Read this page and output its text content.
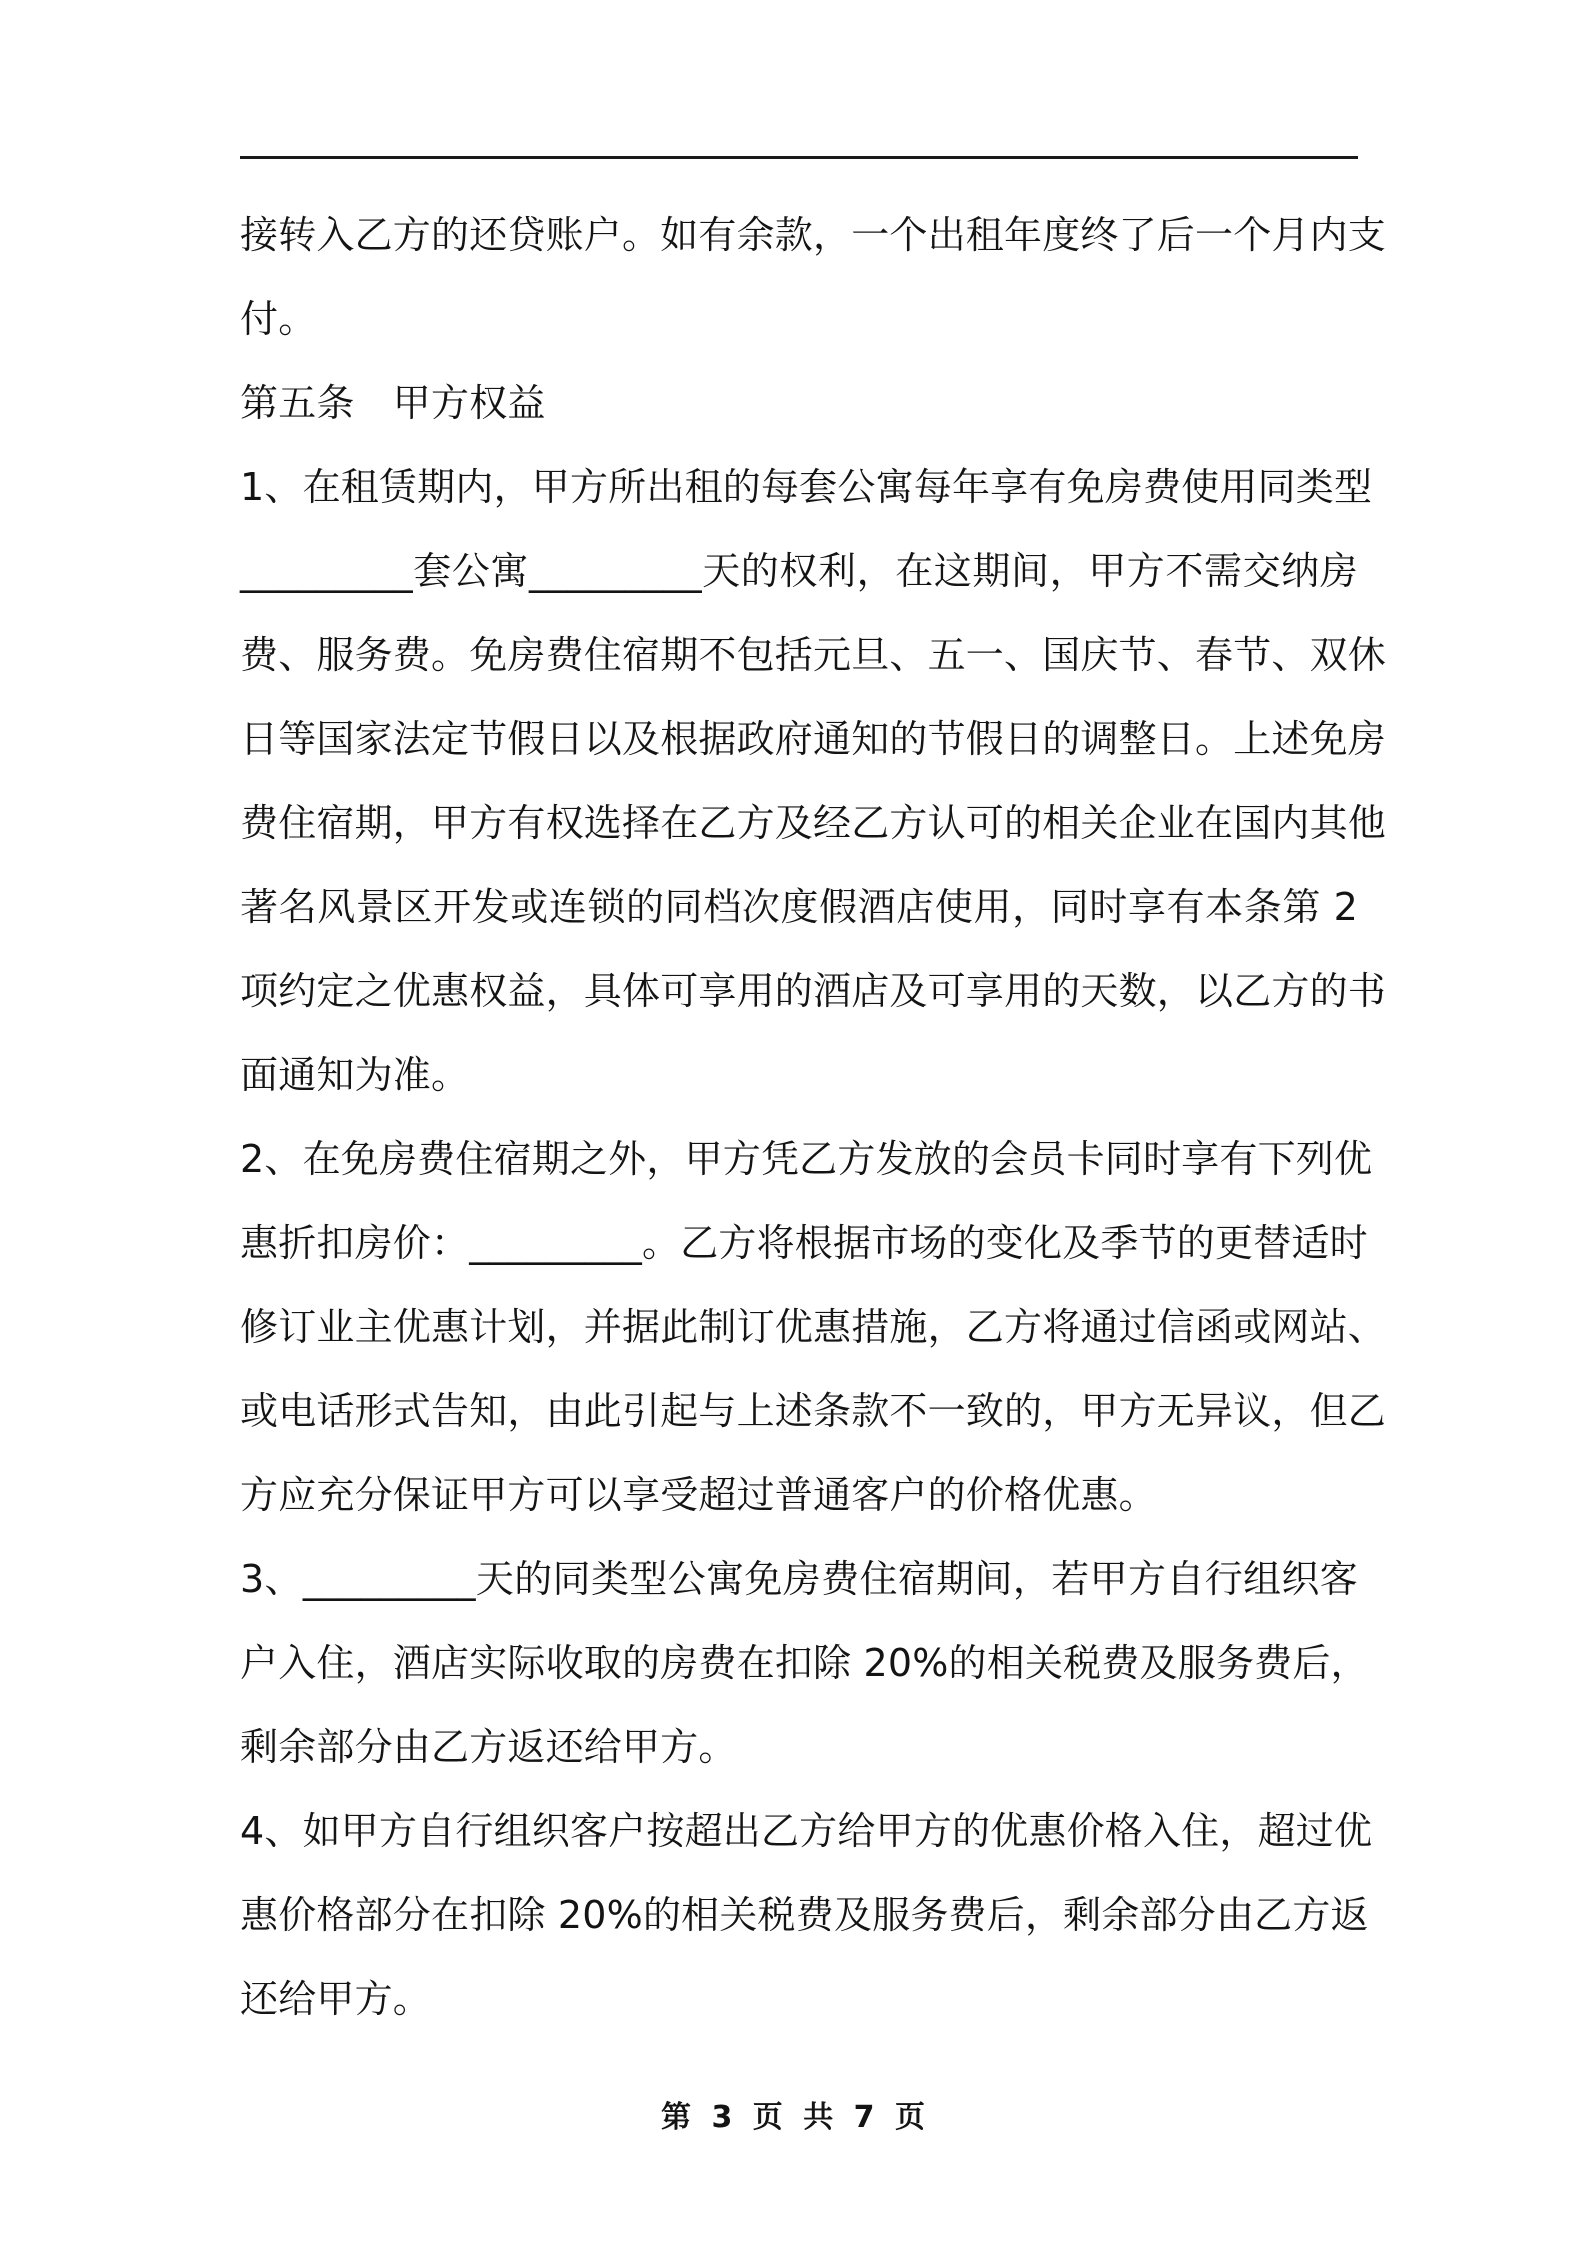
接转入乙方的还贷账户。如有余款，一个出租年度终了后一个月内支
付。
第五条　甲方权益
1、在租赁期内，甲方所出租的每套公寓每年享有免房费使用同类型
_________套公寓_________天的权利，在这期间，甲方不需交纳房
费、服务费。免房费住宿期不包括元旦、五一、国庆节、春节、双休
日等国家法定节假日以及根据政府通知的节假日的调整日。上述免房
费住宿期，甲方有权选择在乙方及经乙方认可的相关企业在国内其他
著名风景区开发或连锁的同档次度假酒店使用，同时享有本条第 2
项约定之优惠权益，具体可享用的酒店及可享用的天数，以乙方的书
面通知为准。
2、在免房费住宿期之外，甲方凭乙方发放的会员卡同时享有下列优
惠折扣房价：_________。乙方将根据市场的变化及季节的更替适时
修订业主优惠计划，并据此制订优惠措施，乙方将通过信函或网站、
或电话形式告知，由此引起与上述条款不一致的，甲方无异议，但乙
方应充分保证甲方可以享受超过普通客户的价格优惠。
3、_________天的同类型公寓免房费住宿期间，若甲方自行组织客
户入住，酒店实际收取的房费在扣除 20%的相关税费及服务费后，
剩余部分由乙方返还给甲方。
4、如甲方自行组织客户按超出乙方给甲方的优惠价格入住，超过优
惠价格部分在扣除 20%的相关税费及服务费后，剩余部分由乙方返
还给甲方。
第 3 页 共 7 页
